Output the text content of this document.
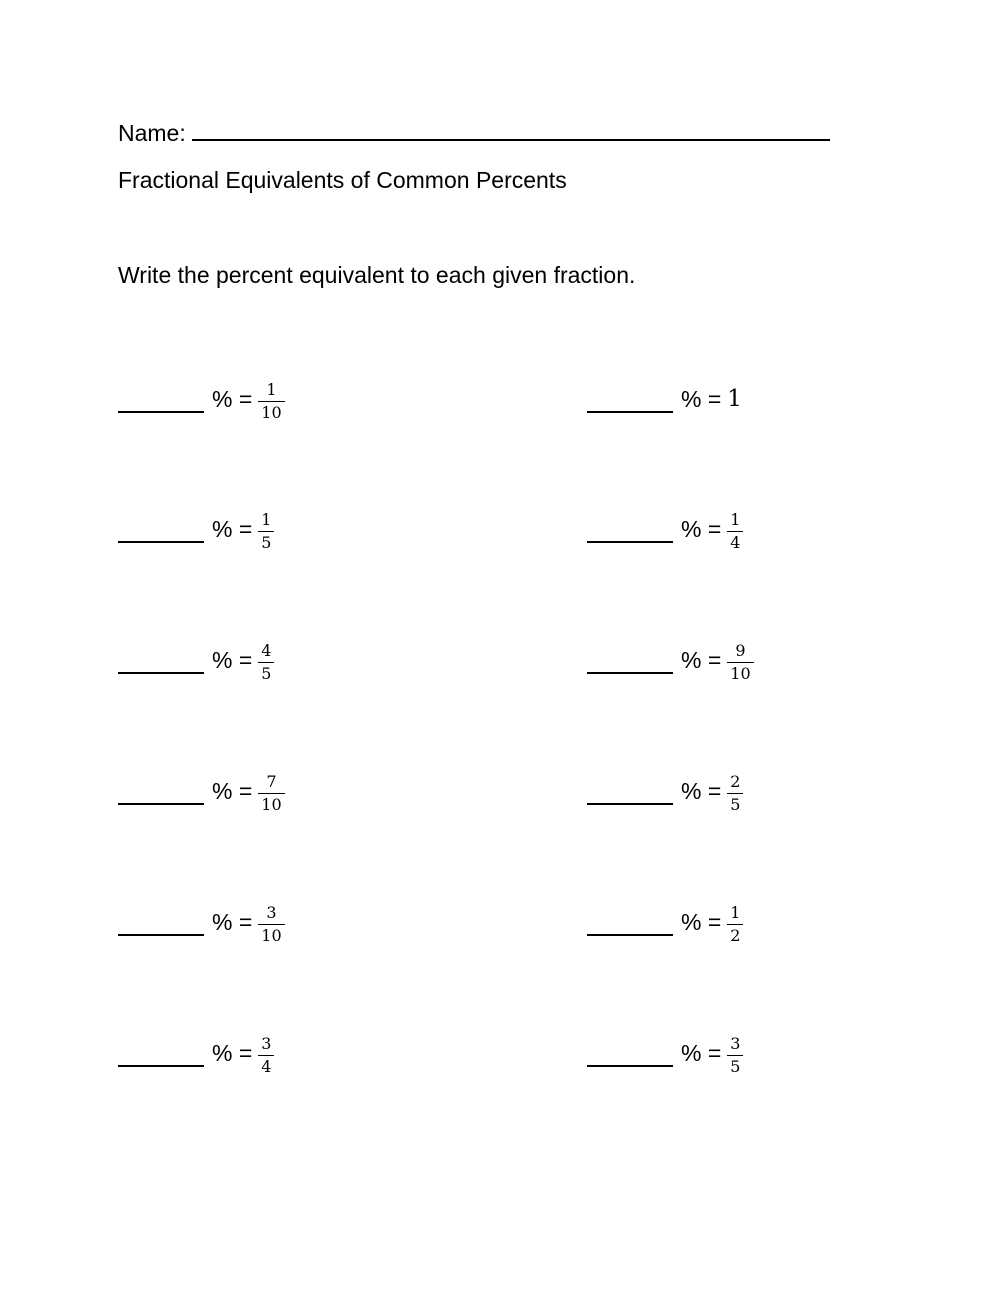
Name:
Fractional Equivalents of Common Percents
Write the percent equivalent to each given fraction.
% = $\frac{1}{10}$
% = $\frac{1}{5}$
% = $\frac{4}{5}$
% = $\frac{7}{10}$
% = $\frac{3}{10}$
% = $\frac{3}{4}$
% = 1
% = $\frac{1}{4}$
% = $\frac{9}{10}$
% = $\frac{2}{5}$
% = $\frac{1}{2}$
% = $\frac{3}{5}$
